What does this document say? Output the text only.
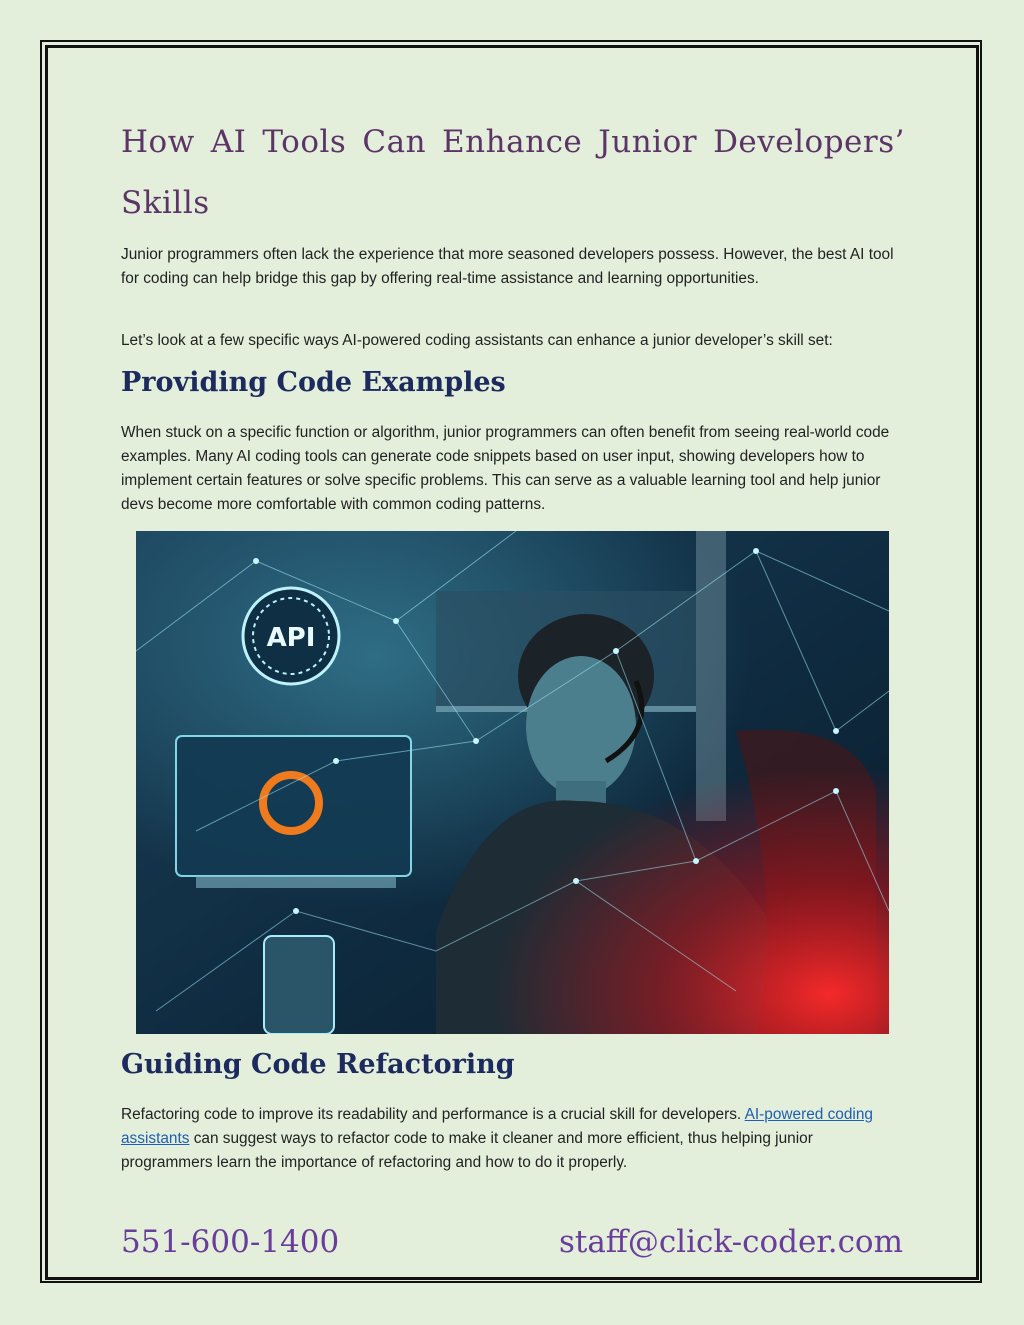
How AI Tools Can Enhance Junior Developers’ Skills

Junior programmers often lack the experience that more seasoned developers possess. However, the best AI tool for coding can help bridge this gap by offering real-time assistance and learning opportunities.

Let’s look at a few specific ways AI-powered coding assistants can enhance a junior developer’s skill set:

Providing Code Examples

When stuck on a specific function or algorithm, junior programmers can often benefit from seeing real-world code examples. Many AI coding tools can generate code snippets based on user input, showing developers how to implement certain features or solve specific problems. This can serve as a valuable learning tool and help junior devs become more comfortable with common coding patterns.

Guiding Code Refactoring

Refactoring code to improve its readability and performance is a crucial skill for developers. AI-powered coding assistants can suggest ways to refactor code to make it cleaner and more efficient, thus helping junior programmers learn the importance of refactoring and how to do it properly.

551-600-1400	staff@click-coder.com
